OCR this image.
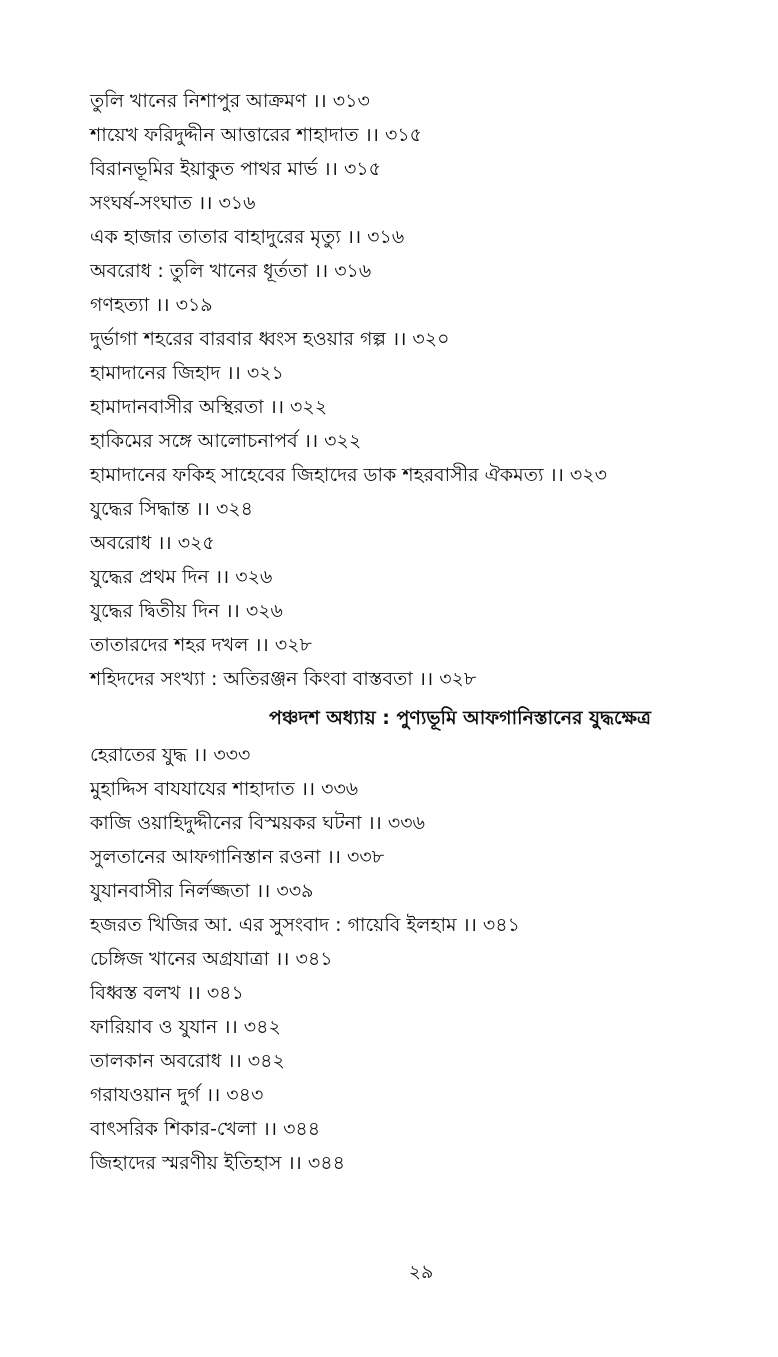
তুলি খানের নিশাপুর আক্রমণ ।। ৩১৩
শায়েখ ফরিদুদ্দীন আত্তারের শাহাদাত ।। ৩১৫
বিরানভূমির ইয়াকুত পাথর মার্ভ ।। ৩১৫
সংঘর্ষ-সংঘাত ।। ৩১৬
এক হাজার তাতার বাহাদুরের মৃত্যু ।। ৩১৬
অবরোধ : তুলি খানের ধূর্ততা ।। ৩১৬
গণহত্যা ।। ৩১৯
দুর্ভাগা শহরের বারবার ধ্বংস হওয়ার গল্প ।। ৩২০
হামাদানের জিহাদ ।। ৩২১
হামাদানবাসীর অস্থিরতা ।। ৩২২
হাকিমের সঙ্গে আলোচনাপর্ব ।। ৩২২
হামাদানের ফকিহ সাহেবের জিহাদের ডাক শহরবাসীর ঐকমত্য ।। ৩২৩
যুদ্ধের সিদ্ধান্ত ।। ৩২৪
অবরোধ ।। ৩২৫
যুদ্ধের প্রথম দিন ।। ৩২৬
যুদ্ধের দ্বিতীয় দিন ।। ৩২৬
তাতারদের শহর দখল ।। ৩২৮
শহিদদের সংখ্যা : অতিরঞ্জন কিংবা বাস্তবতা ।। ৩২৮
পঞ্চদশ অধ্যায় : পুণ্যভূমি আফগানিস্তানের যুদ্ধক্ষেত্র
হেরাতের যুদ্ধ ।। ৩৩৩
মুহাদ্দিস বাযযাযের শাহাদাত ।। ৩৩৬
কাজি ওয়াহিদুদ্দীনের বিস্ময়কর ঘটনা ।। ৩৩৬
সুলতানের আফগানিস্তান রওনা ।। ৩৩৮
যুযানবাসীর নির্লজ্জতা ।। ৩৩৯
হজরত খিজির আ. এর সুসংবাদ : গায়েবি ইলহাম ।। ৩৪১
চেঙ্গিজ খানের অগ্রযাত্রা ।। ৩৪১
বিধ্বস্ত বলখ ।। ৩৪১
ফারিয়াব ও যুযান ।। ৩৪২
তালকান অবরোধ ।। ৩৪২
গরাযওয়ান দুর্গ ।। ৩৪৩
বাৎসরিক শিকার-খেলা ।। ৩৪৪
জিহাদের স্মরণীয় ইতিহাস ।। ৩৪৪
২৯
